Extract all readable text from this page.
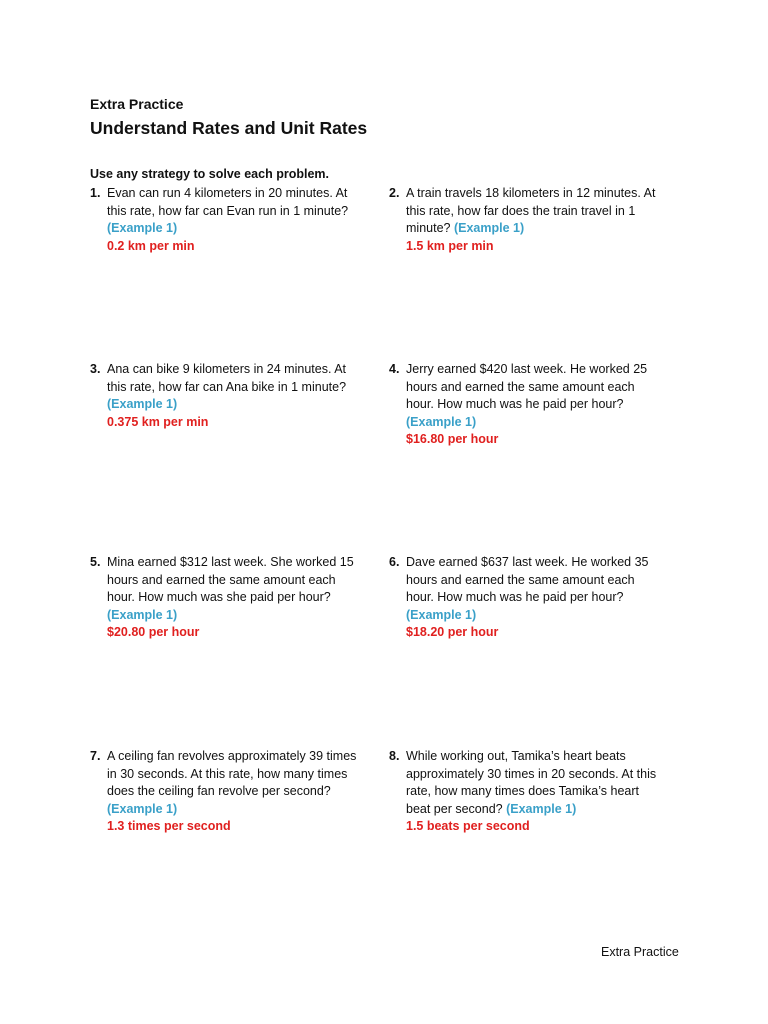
Extra Practice
Understand Rates and Unit Rates
Use any strategy to solve each problem.
1. Evan can run 4 kilometers in 20 minutes. At this rate, how far can Evan run in 1 minute? (Example 1)
0.2 km per min
2. A train travels 18 kilometers in 12 minutes. At this rate, how far does the train travel in 1 minute? (Example 1)
1.5 km per min
3. Ana can bike 9 kilometers in 24 minutes. At this rate, how far can Ana bike in 1 minute? (Example 1)
0.375 km per min
4. Jerry earned $420 last week. He worked 25 hours and earned the same amount each hour. How much was he paid per hour? (Example 1)
$16.80 per hour
5. Mina earned $312 last week. She worked 15 hours and earned the same amount each hour. How much was she paid per hour? (Example 1)
$20.80 per hour
6. Dave earned $637 last week. He worked 35 hours and earned the same amount each hour. How much was he paid per hour? (Example 1)
$18.20 per hour
7. A ceiling fan revolves approximately 39 times in 30 seconds. At this rate, how many times does the ceiling fan revolve per second? (Example 1)
1.3 times per second
8. While working out, Tamika’s heart beats approximately 30 times in 20 seconds. At this rate, how many times does Tamika’s heart beat per second? (Example 1)
1.5 beats per second
Extra Practice
